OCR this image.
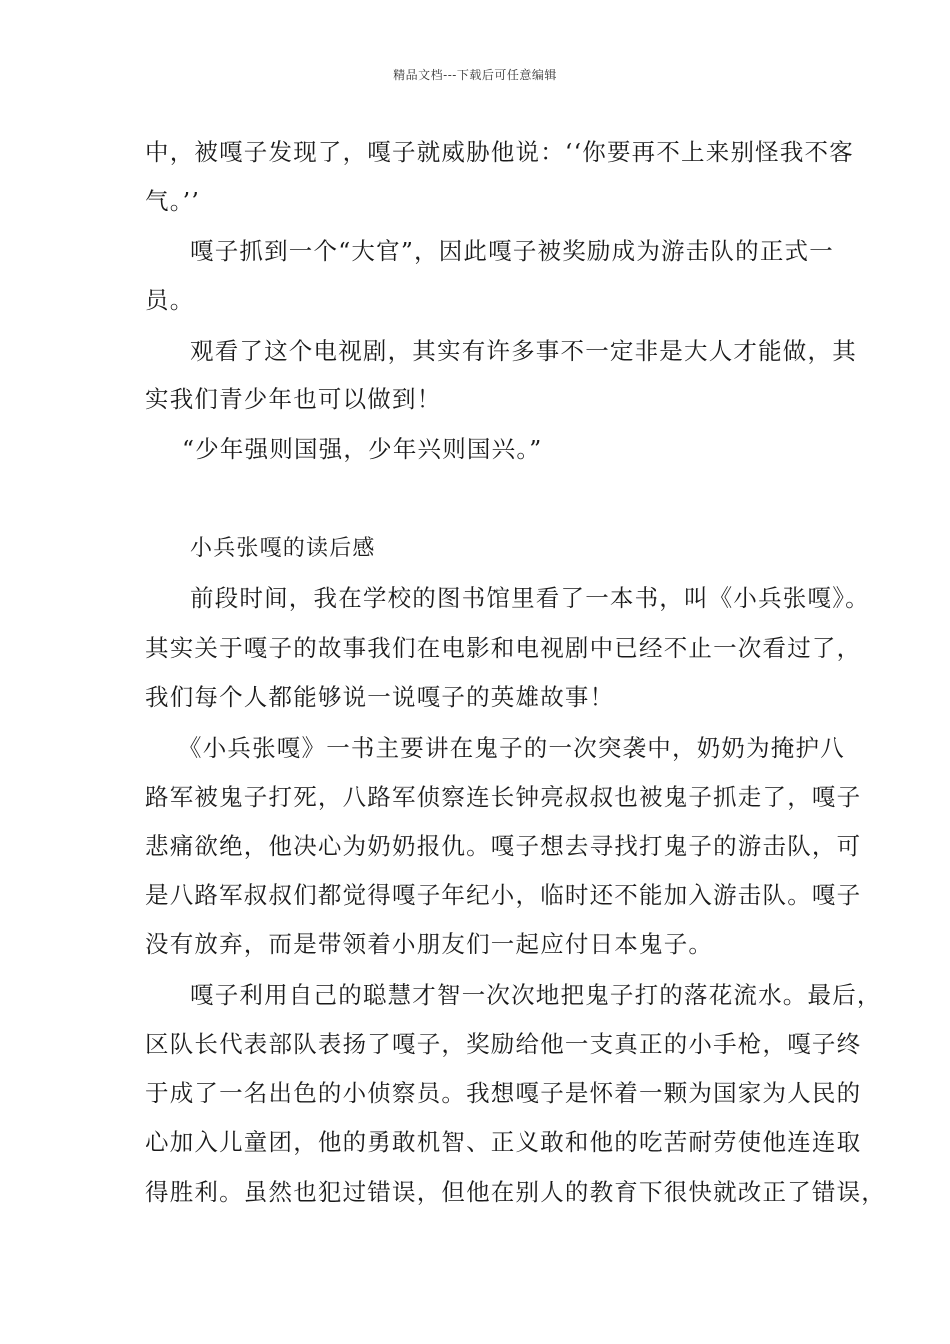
精品文档---下载后可任意编辑
中，被嘎子发现了，嘎子就威胁他说：‘‘你要再不上来别怪我不客
气。’’
嘎子抓到一个“大官”，因此嘎子被奖励成为游击队的正式一
员。
观看了这个电视剧，其实有许多事不一定非是大人才能做，其
实我们青少年也可以做到！
“少年强则国强，少年兴则国兴。”
小兵张嘎的读后感
前段时间，我在学校的图书馆里看了一本书，叫《小兵张嘎》。
其实关于嘎子的故事我们在电影和电视剧中已经不止一次看过了，
我们每个人都能够说一说嘎子的英雄故事！
《小兵张嘎》一书主要讲在鬼子的一次突袭中，奶奶为掩护八
路军被鬼子打死，八路军侦察连长钟亮叔叔也被鬼子抓走了，嘎子
悲痛欲绝，他决心为奶奶报仇。嘎子想去寻找打鬼子的游击队，可
是八路军叔叔们都觉得嘎子年纪小，临时还不能加入游击队。嘎子
没有放弃，而是带领着小朋友们一起应付日本鬼子。
嘎子利用自己的聪慧才智一次次地把鬼子打的落花流水。最后，
区队长代表部队表扬了嘎子，奖励给他一支真正的小手枪，嘎子终
于成了一名出色的小侦察员。我想嘎子是怀着一颗为国家为人民的
心加入儿童团，他的勇敢机智、正义敢和他的吃苦耐劳使他连连取
得胜利。虽然也犯过错误，但他在别人的教育下很快就改正了错误，
